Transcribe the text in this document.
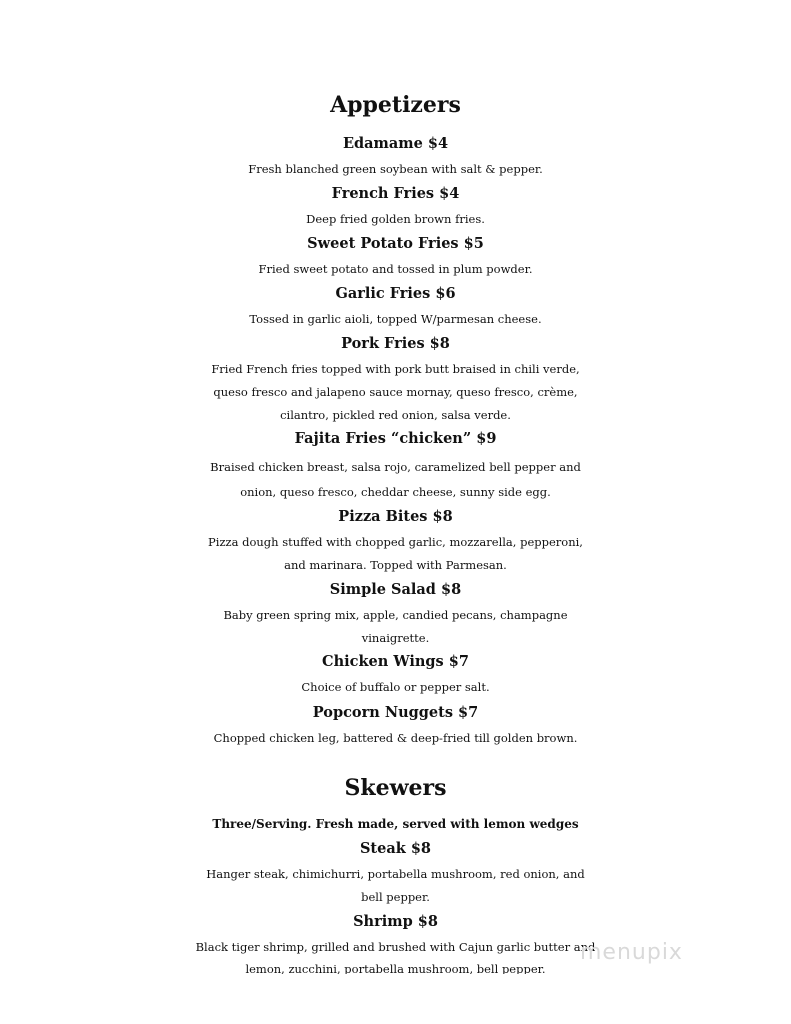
Appetizers
Edamame $4
Fresh blanched green soybean with salt & pepper.
French Fries $4
Deep fried golden brown fries.
Sweet Potato Fries $5
Fried sweet potato and tossed in plum powder.
Garlic Fries $6
Tossed in garlic aioli, topped W/parmesan cheese.
Pork Fries $8
Fried French fries topped with pork butt braised in chili verde,
queso fresco and jalapeno sauce mornay, queso fresco, crème,
cilantro, pickled red onion, salsa verde.
Fajita Fries “chicken” $9
Braised chicken breast, salsa rojo, caramelized bell pepper and
onion, queso fresco, cheddar cheese, sunny side egg.
Pizza Bites $8
Pizza dough stuffed with chopped garlic, mozzarella, pepperoni,
and marinara. Topped with Parmesan.
Simple Salad $8
Baby green spring mix, apple, candied pecans, champagne
vinaigrette.
Chicken Wings $7
Choice of buffalo or pepper salt.
Popcorn Nuggets $7
Chopped chicken leg, battered & deep-fried till golden brown.
Skewers
Three/Serving. Fresh made, served with lemon wedges
Steak $8
Hanger steak, chimichurri, portabella mushroom, red onion, and
bell pepper.
Shrimp $8
Black tiger shrimp, grilled and brushed with Cajun garlic butter and
lemon, zucchini, portabella mushroom, bell pepper.
menupix
